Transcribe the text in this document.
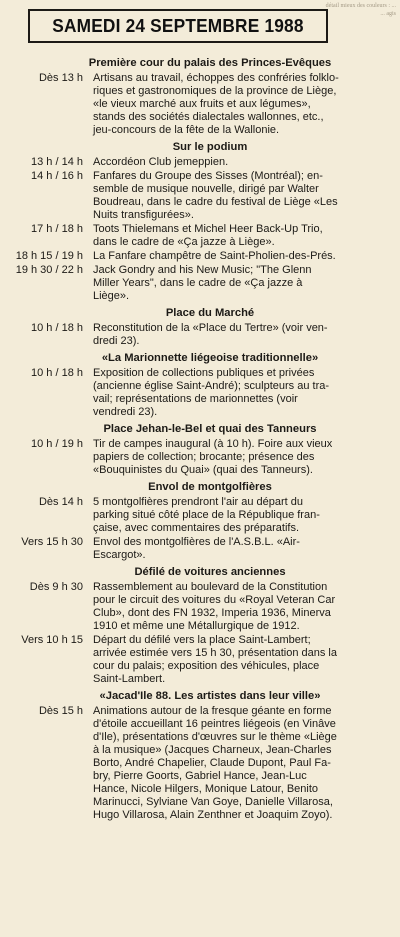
détail mieux des couleurs : ...
... agis
SAMEDI 24 SEPTEMBRE 1988
Première cour du palais des Princes-Evêques
Dès 13 h Artisans au travail, échoppes des confréries folklo-
riques et gastronomiques de la province de Liège,
«le vieux marché aux fruits et aux légumes»,
stands des sociétés dialectales wallonnes, etc.,
jeu-concours de la fête de la Wallonie.
Sur le podium
13 h / 14 h Accordéon Club jemeppien.
14 h / 16 h Fanfares du Groupe des Sisses (Montréal); en-
semble de musique nouvelle, dirigé par Walter
Boudreau, dans le cadre du festival de Liège «Les
Nuits transfigurées».
17 h / 18 h Toots Thielemans et Michel Heer Back-Up Trio,
dans le cadre de «Ça jazze à Liège».
18 h 15 / 19 h La Fanfare champêtre de Saint-Pholien-des-Prés.
19 h 30 / 22 h Jack Gondry and his New Music; "The Glenn
Miller Years", dans le cadre de «Ça jazze à
Liège».
Place du Marché
10 h / 18 h Reconstitution de la «Place du Tertre» (voir ven-
dredi 23).
«La Marionnette liégeoise traditionnelle»
10 h / 18 h Exposition de collections publiques et privées
(ancienne église Saint-André); sculpteurs au tra-
vail; représentations de marionnettes (voir
vendredi 23).
Place Jehan-le-Bel et quai des Tanneurs
10 h / 19 h Tir de campes inaugural (à 10 h). Foire aux vieux
papiers de collection; brocante; présence des
«Bouquinistes du Quai» (quai des Tanneurs).
Envol de montgolfières
Dès 14 h 5 montgolfières prendront l'air au départ du
parking situé côté place de la République fran-
çaise, avec commentaires des préparatifs.
Vers 15 h 30 Envol des montgolfières de l'A.S.B.L. «Air-
Escargot».
Défilé de voitures anciennes
Dès 9 h 30 Rassemblement au boulevard de la Constitution
pour le circuit des voitures du «Royal Veteran Car
Club», dont des FN 1932, Imperia 1936, Minerva
1910 et même une Métallurgique de 1912.
Vers 10 h 15 Départ du défilé vers la place Saint-Lambert;
arrivée estimée vers 15 h 30, présentation dans la
cour du palais; exposition des véhicules, place
Saint-Lambert.
«Jacad'Ile 88. Les artistes dans leur ville»
Dès 15 h Animations autour de la fresque géante en forme
d'étoile accueillant 16 peintres liégeois (en Vinâve
d'Ile), présentations d'œuvres sur le thème «Liège
à la musique» (Jacques Charneux, Jean-Charles
Borto, André Chapelier, Claude Dupont, Paul Fa-
bry, Pierre Goorts, Gabriel Hance, Jean-Luc
Hance, Nicole Hilgers, Monique Latour, Benito
Marinucci, Sylviane Van Goye, Danielle Villarosa,
Hugo Villarosa, Alain Zenthner et Joaquim Zoyo).
